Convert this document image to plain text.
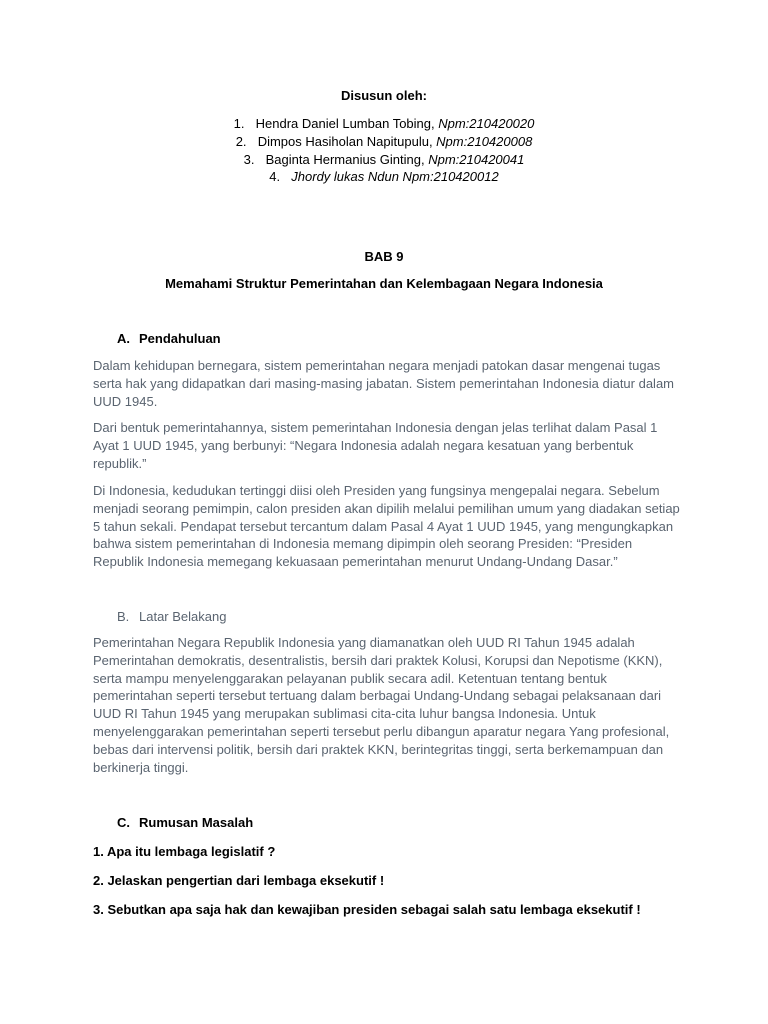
Disusun oleh:
1. Hendra Daniel Lumban Tobing, Npm:210420020
2. Dimpos Hasiholan Napitupulu, Npm:210420008
3. Baginta Hermanius Ginting, Npm:210420041
4. Jhordy lukas Ndun Npm:210420012
BAB 9
Memahami Struktur Pemerintahan dan Kelembagaan Negara Indonesia
A. Pendahuluan
Dalam kehidupan bernegara, sistem pemerintahan negara menjadi patokan dasar mengenai tugas serta hak yang didapatkan dari masing-masing jabatan. Sistem pemerintahan Indonesia diatur dalam UUD 1945.
Dari bentuk pemerintahannya, sistem pemerintahan Indonesia dengan jelas terlihat dalam Pasal 1 Ayat 1 UUD 1945, yang berbunyi: “Negara Indonesia adalah negara kesatuan yang berbentuk republik.”
Di Indonesia, kedudukan tertinggi diisi oleh Presiden yang fungsinya mengepalai negara. Sebelum menjadi seorang pemimpin, calon presiden akan dipilih melalui pemilihan umum yang diadakan setiap 5 tahun sekali. Pendapat tersebut tercantum dalam Pasal 4 Ayat 1 UUD 1945, yang mengungkapkan bahwa sistem pemerintahan di Indonesia memang dipimpin oleh seorang Presiden: “Presiden Republik Indonesia memegang kekuasaan pemerintahan menurut Undang-Undang Dasar.”
B. Latar Belakang
Pemerintahan Negara Republik Indonesia yang diamanatkan oleh UUD RI Tahun 1945 adalah Pemerintahan demokratis, desentralistis, bersih dari praktek Kolusi, Korupsi dan Nepotisme (KKN), serta mampu menyelenggarakan pelayanan publik secara adil. Ketentuan tentang bentuk pemerintahan seperti tersebut tertuang dalam berbagai Undang-Undang sebagai pelaksanaan dari UUD RI Tahun 1945 yang merupakan sublimasi cita-cita luhur bangsa Indonesia. Untuk menyelenggarakan pemerintahan seperti tersebut perlu dibangun aparatur negara Yang profesional, bebas dari intervensi politik, bersih dari praktek KKN, berintegritas tinggi, serta berkemampuan dan berkinerja tinggi.
C. Rumusan Masalah
1. Apa itu lembaga legislatif ?
2. Jelaskan pengertian dari lembaga eksekutif !
3. Sebutkan apa saja hak dan kewajiban presiden sebagai salah satu lembaga eksekutif !
